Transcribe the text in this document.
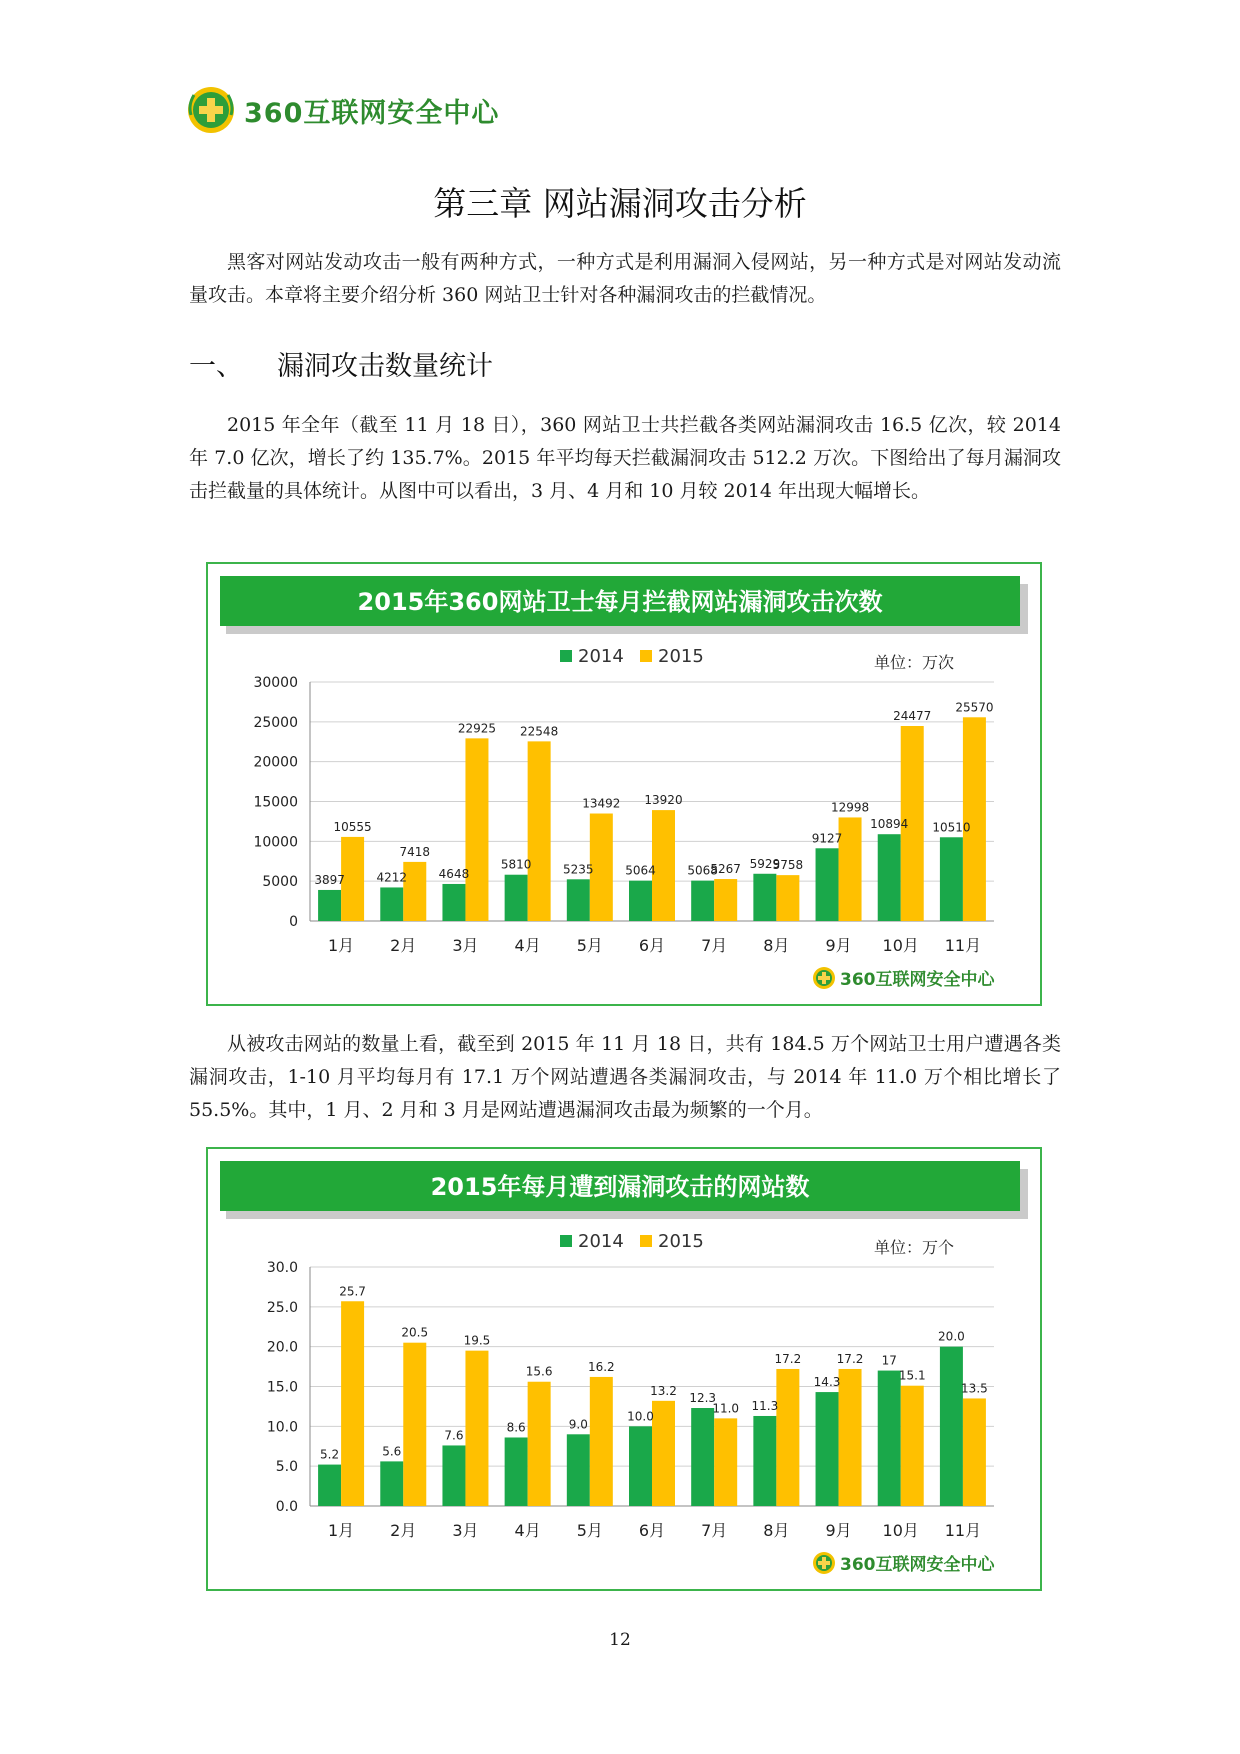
360互联网安全中心
第三章 网站漏洞攻击分析
黑客对网站发动攻击一般有两种方式，一种方式是利用漏洞入侵网站，另一种方式是对网站发动流量攻击。本章将主要介绍分析 360 网站卫士针对各种漏洞攻击的拦截情况。
一、 漏洞攻击数量统计
2015 年全年（截至 11 月 18 日），360 网站卫士共拦截各类网站漏洞攻击 16.5 亿次，较 2014 年 7.0 亿次，增长了约 135.7%。2015 年平均每天拦截漏洞攻击 512.2 万次。下图给出了每月漏洞攻击拦截量的具体统计。从图中可以看出，3 月、4 月和 10 月较 2014 年出现大幅增长。
2015年360网站卫士每月拦截网站漏洞攻击次数
2014 2015	单位：万次
0
5000
10000
15000
20000
25000
30000
3897
10555
1月
4212
7418
2月
4648
22925
3月
5810
22548
4月
5235
13492
5月
5064
13920
6月
5068
5267
7月
5929
5758
8月
9127
12998
9月
10894
24477
10月
10510
25570
11月
360互联网安全中心
从被攻击网站的数量上看，截至到 2015 年 11 月 18 日，共有 184.5 万个网站卫士用户遭遇各类漏洞攻击，1-10 月平均每月有 17.1 万个网站遭遇各类漏洞攻击，与 2014 年 11.0 万个相比增长了 55.5%。其中，1 月、2 月和 3 月是网站遭遇漏洞攻击最为频繁的一个月。
2015年每月遭到漏洞攻击的网站数
2014 2015	单位：万个
0.0
5.0
10.0
15.0
20.0
25.0
30.0
5.2
25.7
1月
5.6
20.5
2月
7.6
19.5
3月
8.6
15.6
4月
9.0
16.2
5月
10.0
13.2
6月
12.3
11.0
7月
11.3
17.2
8月
14.3
17.2
9月
17
15.1
10月
20.0
13.5
11月
360互联网安全中心
12
